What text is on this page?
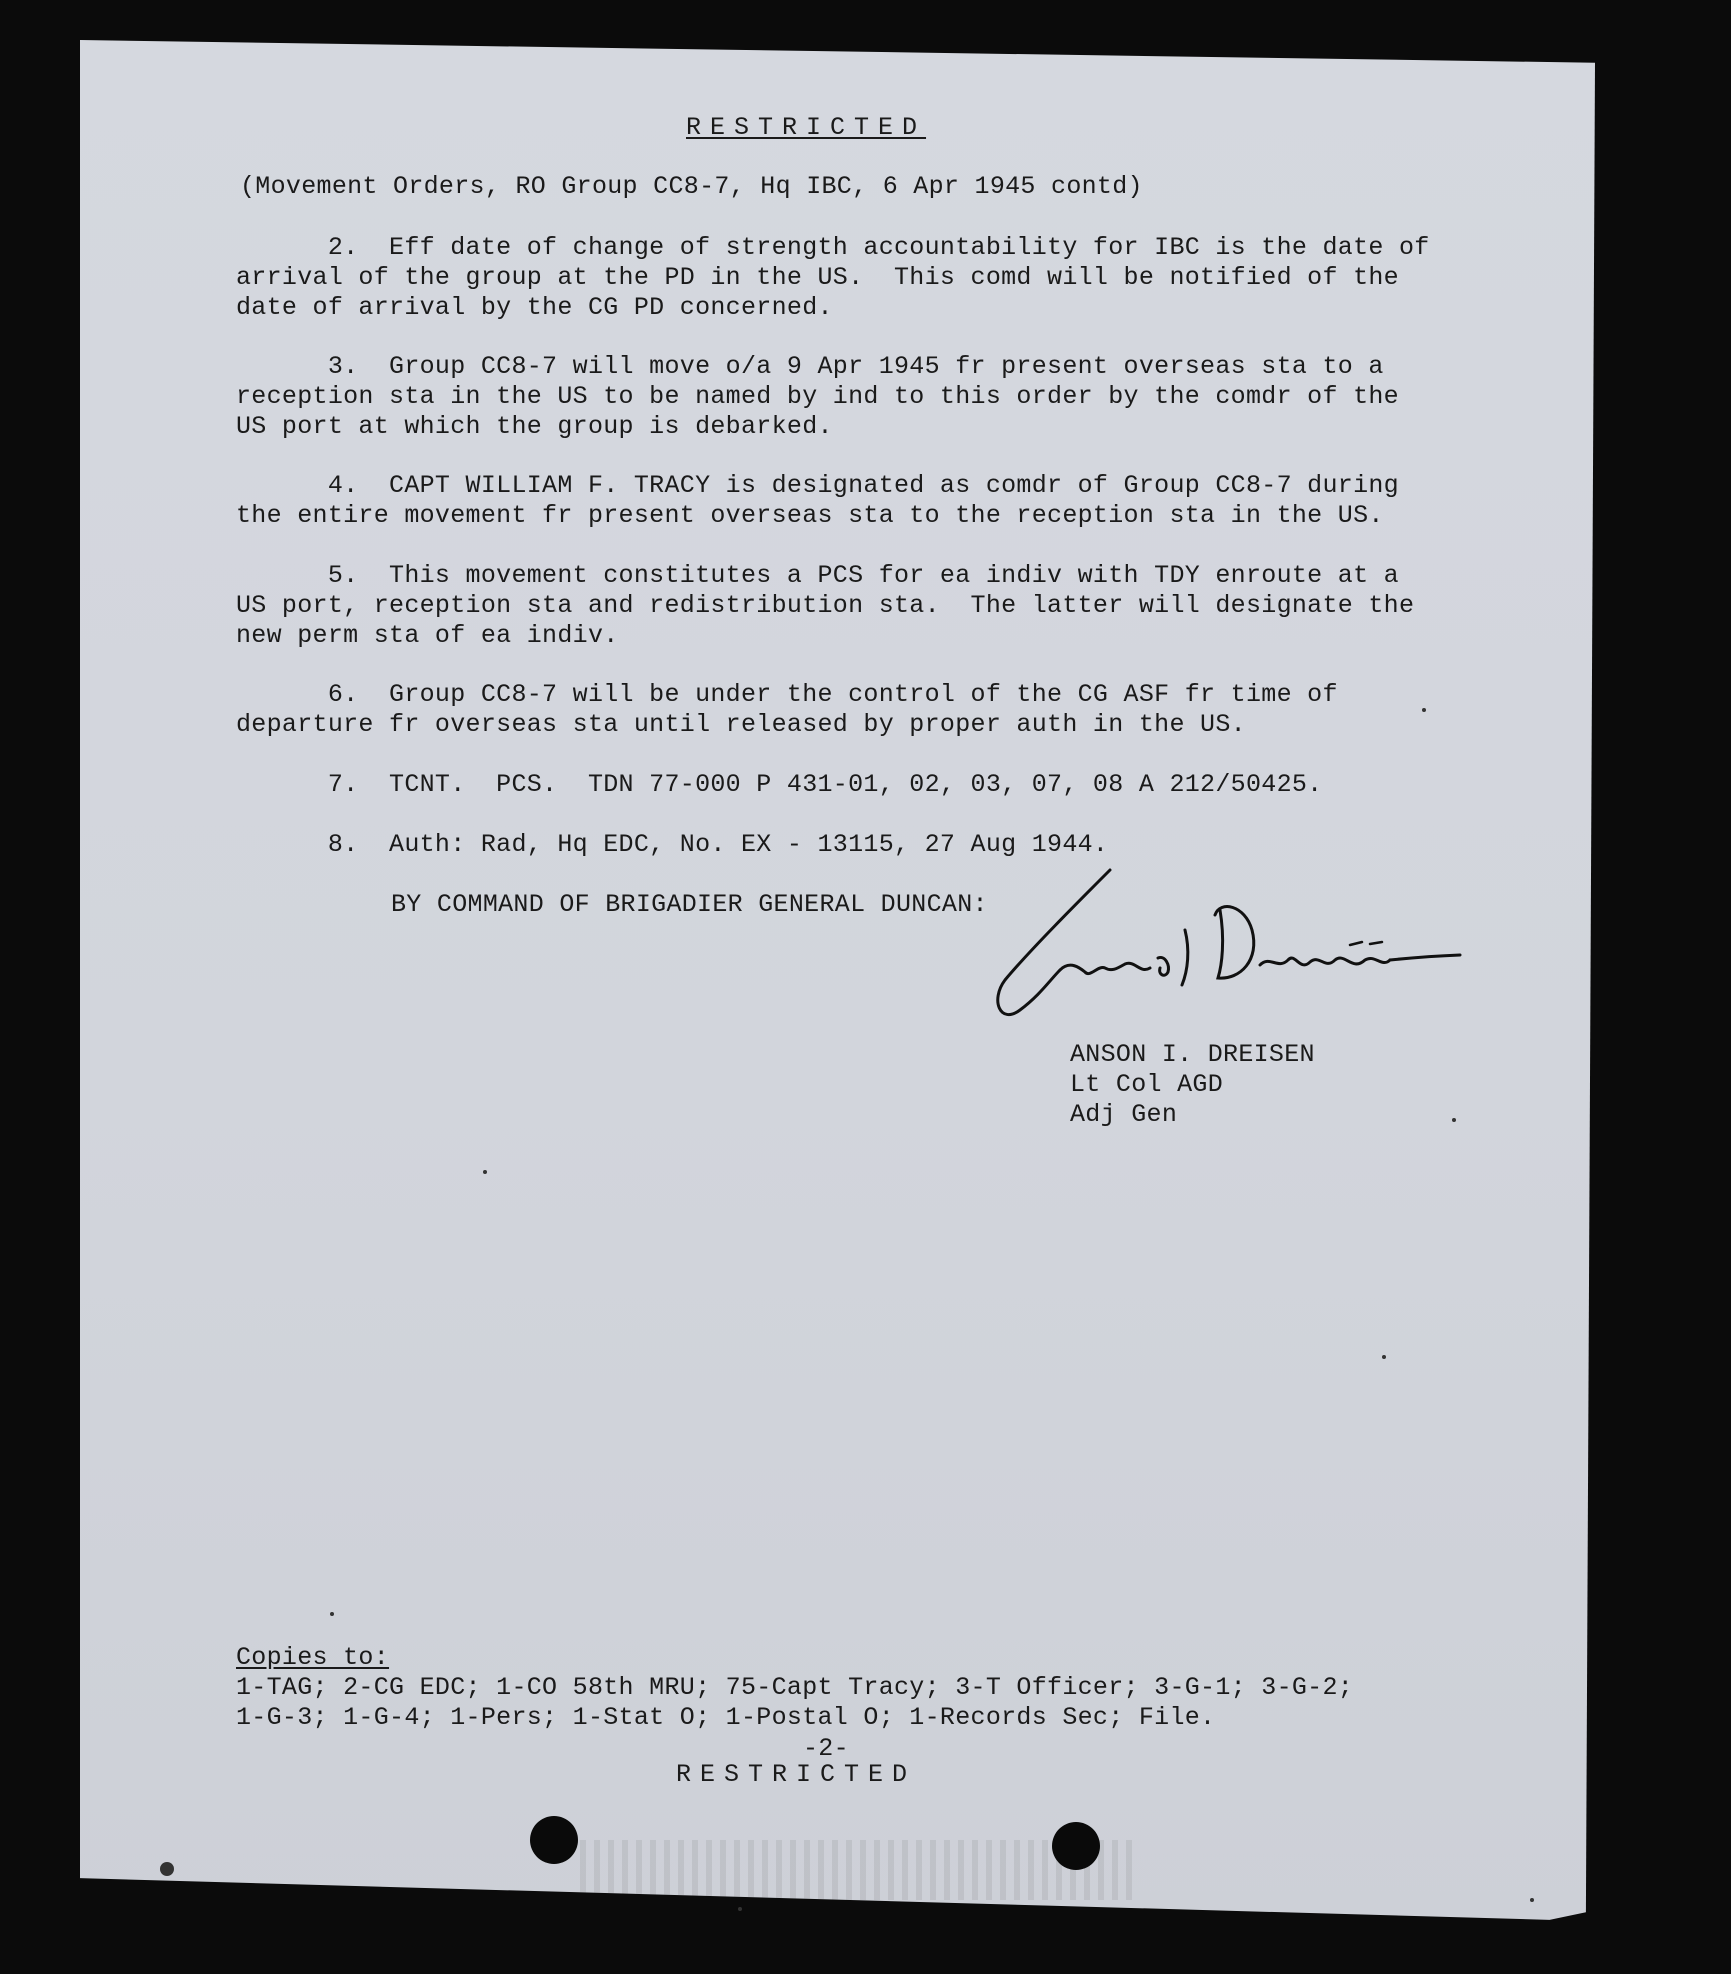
RESTRICTED
(Movement Orders, RO Group CC8-7, Hq IBC, 6 Apr 1945 contd)
2.  Eff date of change of strength accountability for IBC is the date of
arrival of the group at the PD in the US.  This comd will be notified of the
date of arrival by the CG PD concerned.
3.  Group CC8-7 will move o/a 9 Apr 1945 fr present overseas sta to a
reception sta in the US to be named by ind to this order by the comdr of the
US port at which the group is debarked.
4.  CAPT WILLIAM F. TRACY is designated as comdr of Group CC8-7 during
the entire movement fr present overseas sta to the reception sta in the US.
5.  This movement constitutes a PCS for ea indiv with TDY enroute at a
US port, reception sta and redistribution sta.  The latter will designate the
new perm sta of ea indiv.
6.  Group CC8-7 will be under the control of the CG ASF fr time of
departure fr overseas sta until released by proper auth in the US.
7.  TCNT.  PCS.  TDN 77-000 P 431-01, 02, 03, 07, 08 A 212/50425.
8.  Auth: Rad, Hq EDC, No. EX - 13115, 27 Aug 1944.
BY COMMAND OF BRIGADIER GENERAL DUNCAN:
ANSON I. DREISEN
Lt Col AGD
Adj Gen
Copies to:
1-TAG; 2-CG EDC; 1-CO 58th MRU; 75-Capt Tracy; 3-T Officer; 3-G-1; 3-G-2;
1-G-3; 1-G-4; 1-Pers; 1-Stat O; 1-Postal O; 1-Records Sec; File.
-2-
RESTRICTED
